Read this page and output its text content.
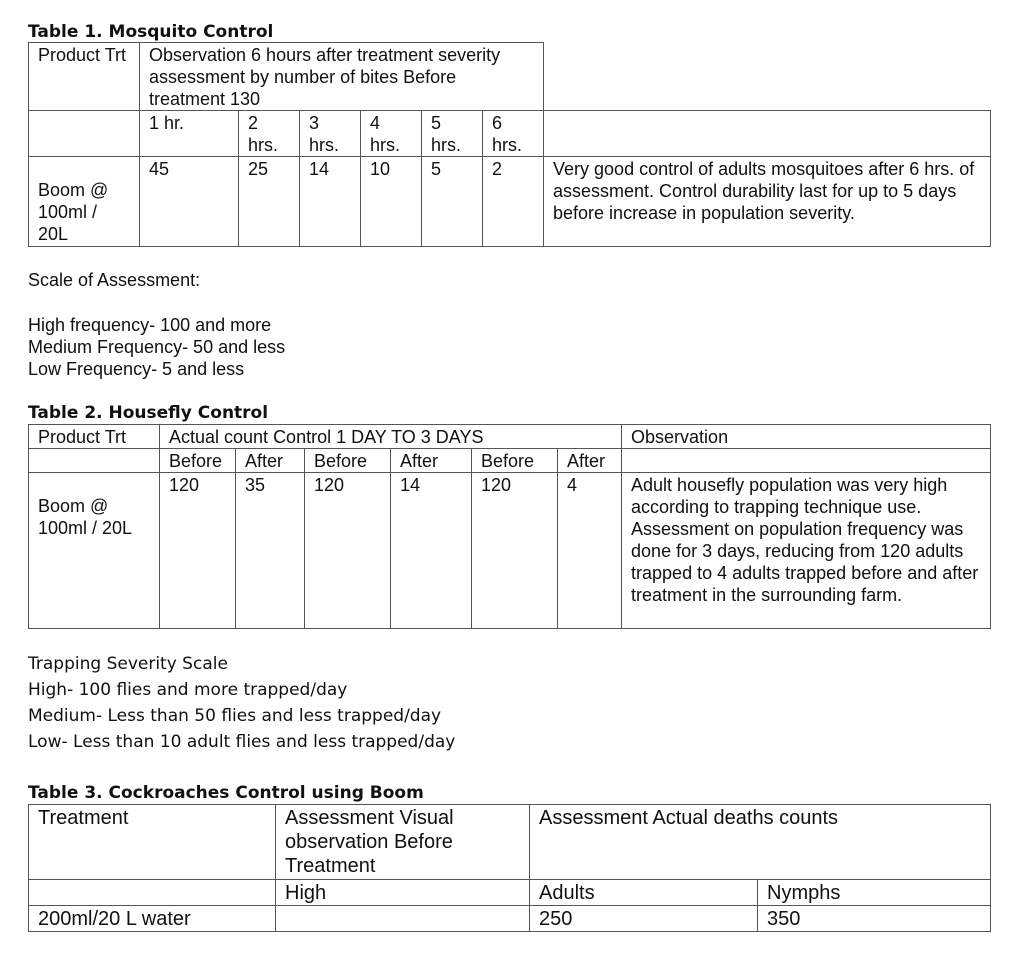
Table 1. Mosquito Control
Product Trt	Observation 6 hours after treatment severity assessment by number of bites Before treatment 130						
	1 hr.	2 hrs.	3 hrs.	4 hrs.	5 hrs.	6 hrs.	
Boom @ 100ml / 20L	45	25	14	10	5	2	Very good control of adults mosquitoes after 6 hrs. of assessment. Control durability last for up to 5 days before increase in population severity.
Scale of Assessment:
High frequency- 100 and more
Medium Frequency- 50 and less
Low Frequency- 5 and less
Table 2. Housefly Control
Product Trt	Actual count Control 1 DAY TO 3 DAYS						Observation
	Before	After	Before	After	Before	After	
Boom @ 100ml / 20L	120	35	120	14	120	4	Adult housefly population was very high according to trapping technique use. Assessment on population frequency was done for 3 days, reducing from 120 adults trapped to 4 adults trapped before and after treatment in the surrounding farm.
Trapping Severity Scale
High- 100 flies and more trapped/day
Medium- Less than 50 flies and less trapped/day
Low- Less than 10 adult flies and less trapped/day
Table 3. Cockroaches Control using Boom
Treatment	Assessment Visual observation Before Treatment	Assessment Actual deaths counts	
	High	Adults	Nymphs
200ml/20 L water		250	350
